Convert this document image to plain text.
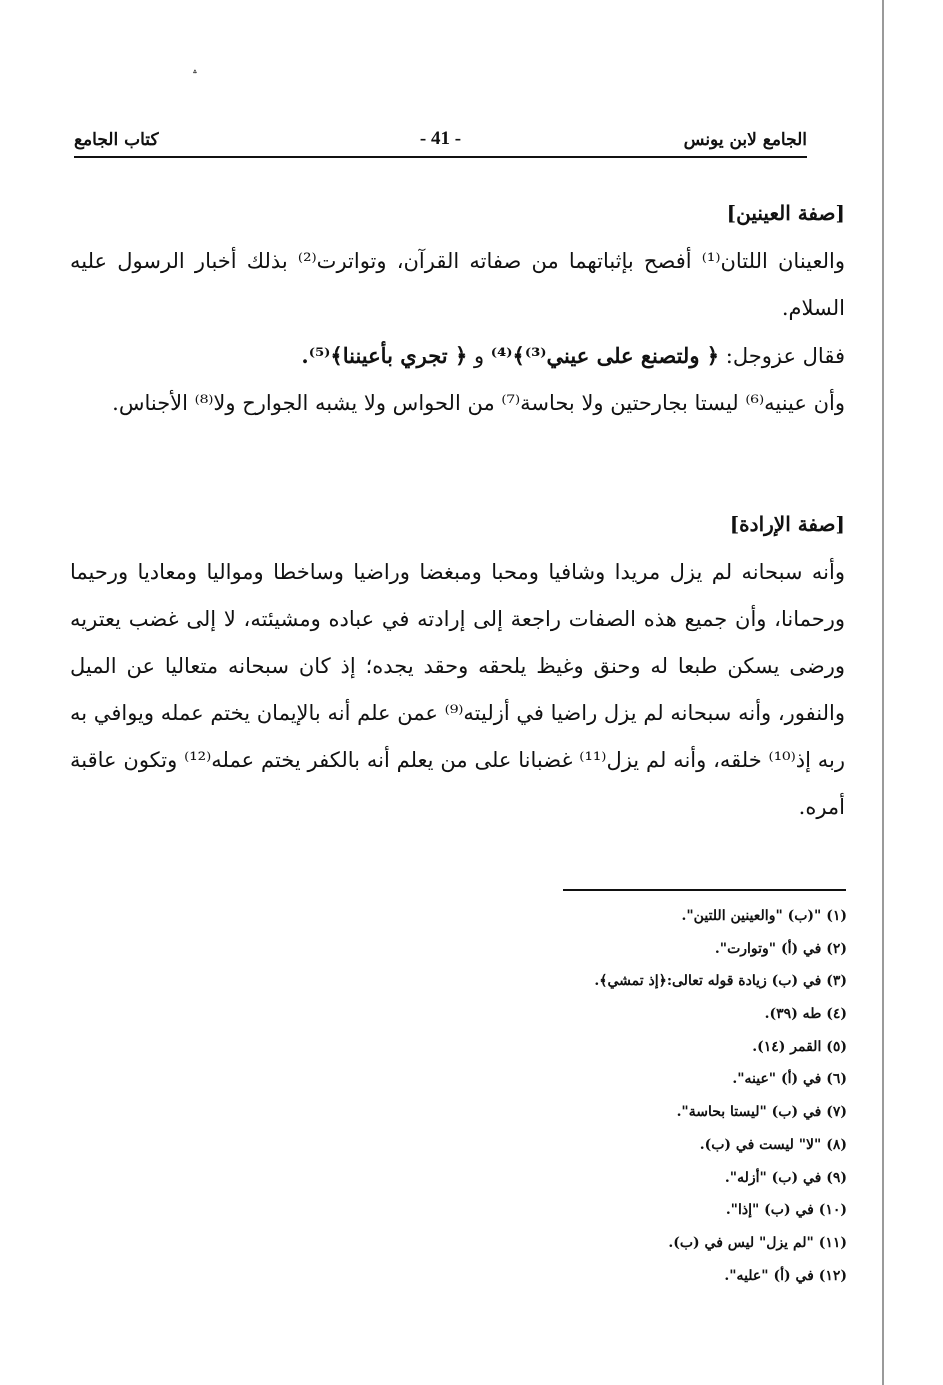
؞
الجامع لابن يونس
- 41 -
كتاب الجامع
[صفة العينين]

والعينان اللتان⁽¹⁾ أفصح بإثباتهما من صفاته القرآن، وتواترت⁽²⁾ بذلك أخبار الرسول عليه السلام.

فقال عزوجل: ﴿ ولتصنع على عيني⁽³⁾﴾⁽⁴⁾ و ﴿ تجري بأعيننا﴾⁽⁵⁾.

وأن عينيه⁽⁶⁾ ليستا بجارحتين ولا بحاسة⁽⁷⁾ من الحواس ولا يشبه الجوارح ولا⁽⁸⁾ الأجناس.

[صفة الإرادة]

وأنه سبحانه لم يزل مريدا وشافيا ومحبا ومبغضا وراضيا وساخطا ومواليا ومعاديا ورحيما ورحمانا، وأن جميع هذه الصفات راجعة إلى إرادته في عباده ومشيئته، لا إلى غضب يعتريه ورضى يسكن طبعا له وحنق وغيظ يلحقه وحقد يجده؛ إذ كان سبحانه متعاليا عن الميل والنفور، وأنه سبحانه لم يزل راضيا في أزليته⁽⁹⁾ عمن علم أنه بالإيمان يختم عمله ويوافي به ربه إذ⁽¹⁰⁾ خلقه، وأنه لم يزل⁽¹¹⁾ غضبانا على من يعلم أنه بالكفر يختم عمله⁽¹²⁾ وتكون عاقبة أمره.

(١) "(ب) "والعينين اللتين".
(٢) في (أ) "وتوارت".
(٣) في (ب) زيادة قوله تعالى:﴿إذ تمشي﴾.
(٤) طه (٣٩).
(٥) القمر (١٤).
(٦) في (أ) "عينه".
(٧) في (ب) "ليستا بحاسة".
(٨) "لا" ليست في (ب).
(٩) في (ب) "أزله".
(١٠) في (ب) "إذا".
(١١) "لم يزل" ليس في (ب).
(١٢) في (أ) "عليه".
